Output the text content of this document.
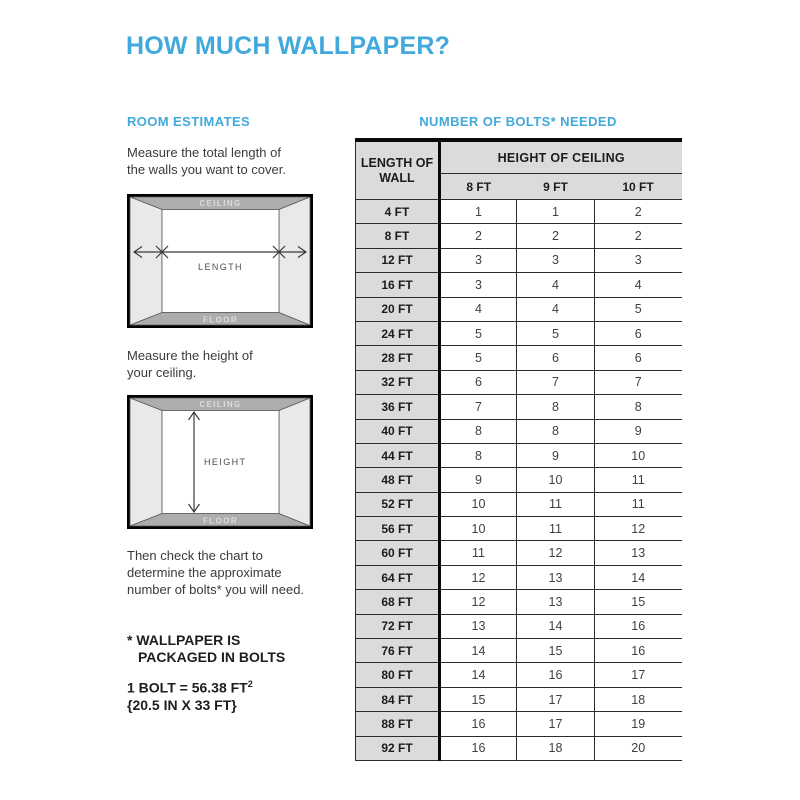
HOW MUCH WALLPAPER?
ROOM ESTIMATES
Measure the total length of
the walls you want to cover.
CEILING
FLOOR
LENGTH
Measure the height of
your ceiling.
CEILING
FLOOR
HEIGHT
Then check the chart to
determine the approximate
number of bolts* you will need.
* WALLPAPER IS
PACKAGED IN BOLTS
1 BOLT = 56.38 $FT^2$
{20.5 IN X 33 FT}
NUMBER OF BOLTS* NEEDED
LENGTH OF WALL	HEIGHT OF CEILING		
	8 FT	9 FT	10 FT
4 FT	1	1	2
8 FT	2	2	2
12 FT	3	3	3
16 FT	3	4	4
20 FT	4	4	5
24 FT	5	5	6
28 FT	5	6	6
32 FT	6	7	7
36 FT	7	8	8
40 FT	8	8	9
44 FT	8	9	10
48 FT	9	10	11
52 FT	10	11	11
56 FT	10	11	12
60 FT	11	12	13
64 FT	12	13	14
68 FT	12	13	15
72 FT	13	14	16
76 FT	14	15	16
80 FT	14	16	17
84 FT	15	17	18
88 FT	16	17	19
92 FT	16	18	20
